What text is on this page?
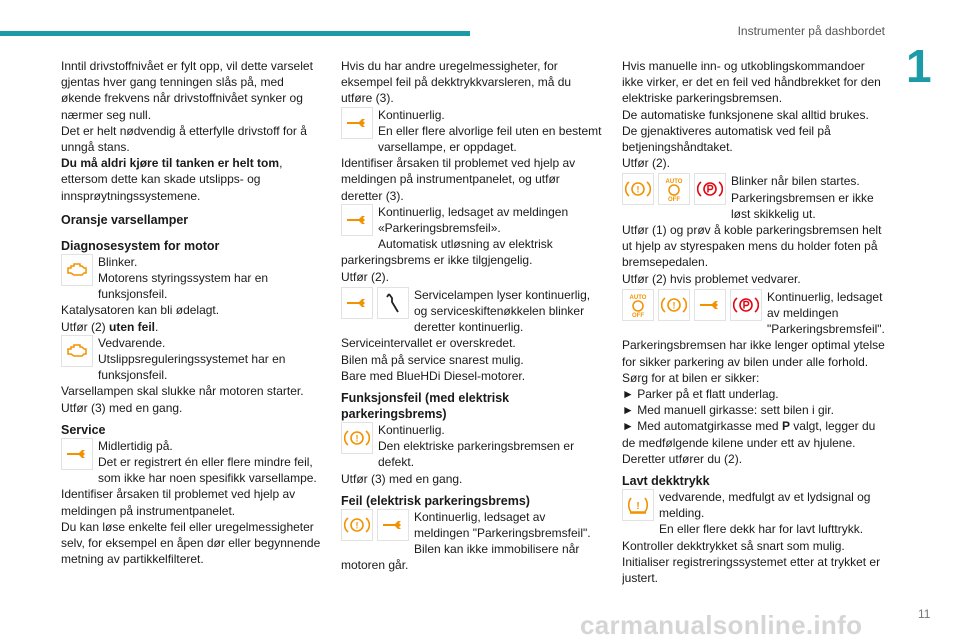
Instrumenter på dashbordet
1

Inntil drivstoffnivået er fylt opp, vil dette varselet gjentas hver gang tenningen slås på, med økende frekvens når drivstoffnivået synker og nærmer seg null.

Det er helt nødvendig å etterfylle drivstoff for å unngå stans.

Du må aldri kjøre til tanken er helt tom, ettersom dette kan skade utslipps- og innsprøytningssystemene.

Oransje varsellamper
Diagnosesystem for motor

Blinker.

Motorens styringssystem har en funksjonsfeil.

Katalysatoren kan bli ødelagt.

Utfør (2) uten feil.

Vedvarende.

Utslippsreguleringssystemet har en funksjonsfeil.

Varsellampen skal slukke når motoren starter.

Utfør (3) med en gang.

Service

Midlertidig på.

Det er registrert én eller flere mindre feil, som ikke har noen spesifikk varsellampe.

Identifiser årsaken til problemet ved hjelp av meldingen på instrumentpanelet.

Du kan løse enkelte feil eller uregelmessigheter selv, for eksempel en åpen dør eller begynnende metning av partikkelfilteret.

Hvis du har andre uregelmessigheter, for eksempel feil på dekktrykkvarsleren, må du utføre (3).

Kontinuerlig.

En eller flere alvorlige feil uten en bestemt varsellampe, er oppdaget.

Identifiser årsaken til problemet ved hjelp av meldingen på instrumentpanelet, og utfør deretter (3).

Kontinuerlig, ledsaget av meldingen «Parkeringsbremsfeil».

Automatisk utløsning av elektrisk parkeringsbrems er ikke tilgjengelig.

Utfør (2).

Servicelampen lyser kontinuerlig, og serviceskiftenøkkelen blinker deretter kontinuerlig.

Serviceintervallet er overskredet.

Bilen må på service snarest mulig.

Bare med BlueHDi Diesel-motorer.

Funksjonsfeil (med elektrisk parkeringsbrems)
!

Kontinuerlig.

Den elektriske parkeringsbremsen er defekt.

Utfør (3) med en gang.

Feil (elektrisk parkeringsbrems)
!

Kontinuerlig, ledsaget av meldingen "Parkeringsbremsfeil".

Bilen kan ikke immobilisere når motoren går.

Hvis manuelle inn- og utkoblingskommandoer ikke virker, er det en feil ved håndbrekket for den elektriske parkeringsbremsen.

De automatiske funksjonene skal alltid brukes.

De gjenaktiveres automatisk ved feil på betjeningshåndtaket.

Utfør (2).

!
AUTO
OFF

Blinker når bilen startes.

Parkeringsbremsen er ikke løst skikkelig ut.

Utfør (1) og prøv å koble parkeringsbremsen helt ut hjelp av styrespaken mens du holder foten på bremsepedalen.

Utfør (2) hvis problemet vedvarer.

AUTO
OFF
!

Kontinuerlig, ledsaget av meldingen "Parkeringsbremsfeil".

Parkeringsbremsen har ikke lenger optimal ytelse for sikker parkering av bilen under alle forhold.

Sørg for at bilen er sikker:

► Parker på et flatt underlag.

► Med manuell girkasse: sett bilen i gir.

► Med automatgirkasse med P valgt, legger du de medfølgende kilene under ett av hjulene.

Deretter utfører du (2).

Lavt dekktrykk
!

vedvarende, medfulgt av et lydsignal og melding.

En eller flere dekk har for lavt lufttrykk.

Kontroller dekktrykket så snart som mulig.

Initialiser registreringssystemet etter at trykket er justert.

carmanualsonline.info	11
